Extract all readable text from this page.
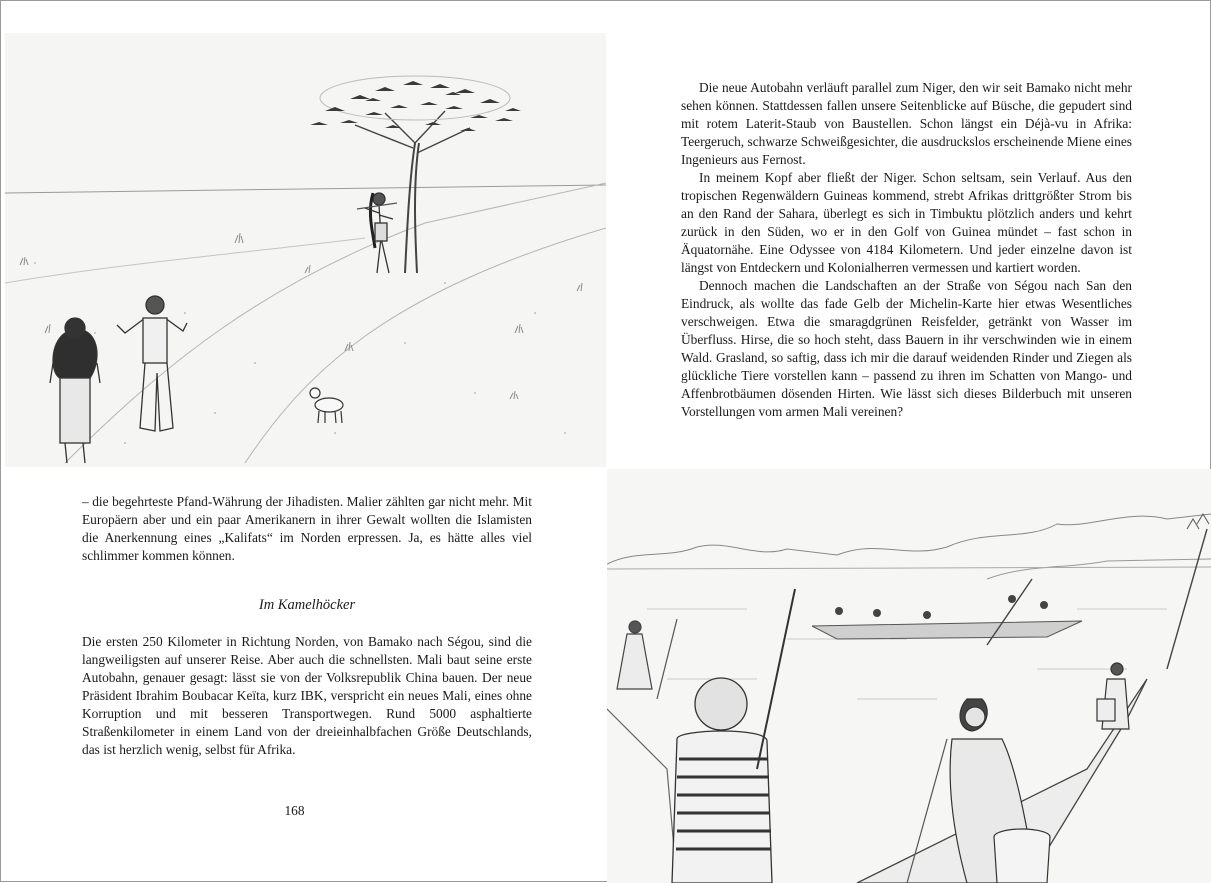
– die begehrteste Pfand-Währung der Jihadisten. Malier zählten gar nicht mehr. Mit Europäern aber und ein paar Amerikanern in ihrer Gewalt wollten die Islamisten die Anerkennung eines „Kalifats“ im Norden erpressen. Ja, es hätte alles viel schlimmer kommen können.

Im Kamelhöcker

Die ersten 250 Kilometer in Richtung Norden, von Bamako nach Ségou, sind die langweiligsten auf unserer Reise. Aber auch die schnellsten. Mali baut seine erste Autobahn, genauer gesagt: lässt sie von der Volksrepublik China bauen. Der neue Präsident Ibrahim Boubacar Keïta, kurz IBK, verspricht ein neues Mali, eines ohne Korruption und mit besseren Transportwegen. Rund 5000 asphaltierte Straßenkilometer in einem Land von der dreieinhalbfachen Größe Deutschlands, das ist herzlich wenig, selbst für Afrika.

168

Die neue Autobahn verläuft parallel zum Niger, den wir seit Bamako nicht mehr sehen können. Stattdessen fallen unsere Seitenblicke auf Büsche, die gepudert sind mit rotem Laterit-Staub von Baustellen. Schon längst ein Déjà-vu in Afrika: Teergeruch, schwarze Schweißgesichter, die ausdruckslos erscheinende Miene eines Ingenieurs aus Fernost.

In meinem Kopf aber fließt der Niger. Schon seltsam, sein Verlauf. Aus den tropischen Regenwäldern Guineas kommend, strebt Afrikas drittgrößter Strom bis an den Rand der Sahara, überlegt es sich in Timbuktu plötzlich anders und kehrt zurück in den Süden, wo er in den Golf von Guinea mündet – fast schon in Äquatornähe. Eine Odyssee von 4184 Kilometern. Und jeder einzelne davon ist längst von Entdeckern und Kolonialherren vermessen und kartiert worden.

Dennoch machen die Landschaften an der Straße von Ségou nach San den Eindruck, als wollte das fade Gelb der Michelin-Karte hier etwas Wesentliches verschweigen. Etwa die smaragdgrünen Reisfelder, getränkt von Wasser im Überfluss. Hirse, die so hoch steht, dass Bauern in ihr verschwinden wie in einem Wald. Grasland, so saftig, dass ich mir die darauf weidenden Rinder und Ziegen als glückliche Tiere vorstellen kann – passend zu ihren im Schatten von Mango- und Affenbrotbäumen dösenden Hirten. Wie lässt sich dieses Bilderbuch mit unseren Vorstellungen vom armen Mali vereinen?
